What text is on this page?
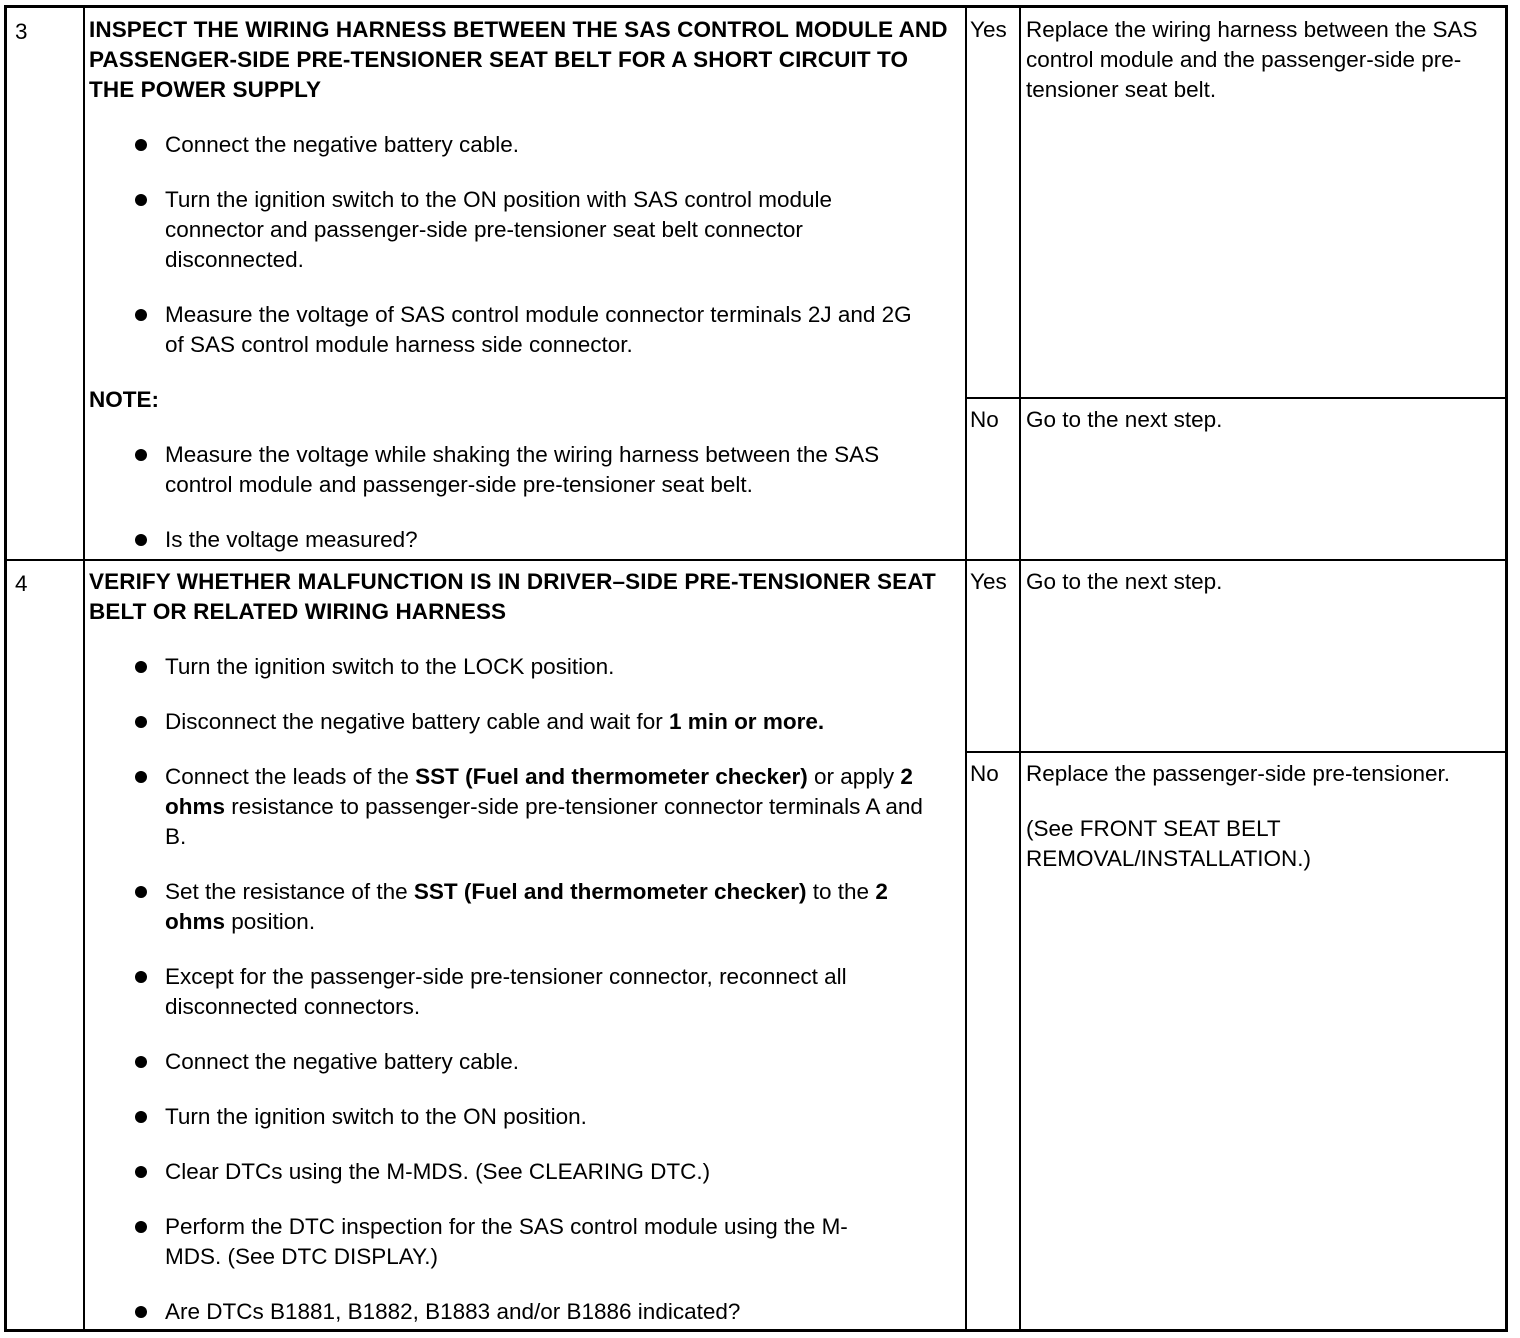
3	INSPECT THE WIRING HARNESS BETWEEN THE SAS CONTROL MODULE AND PASSENGER-SIDE PRE-TENSIONER SEAT BELT FOR A SHORT CIRCUIT TO THE POWER SUPPLY
Connect the negative battery cable.
Turn the ignition switch to the ON position with SAS control module connector and passenger-side pre-tensioner seat belt connector disconnected.
Measure the voltage of SAS control module connector terminals 2J and 2G of SAS control module harness side connector.
NOTE:
Measure the voltage while shaking the wiring harness between the SAS control module and passenger-side pre-tensioner seat belt.
Is the voltage measured?
Yes Replace the wiring harness between the SAS control module and the passenger-side pre-tensioner seat belt.
No Go to the next step.
4	VERIFY WHETHER MALFUNCTION IS IN DRIVER–SIDE PRE-TENSIONER SEAT BELT OR RELATED WIRING HARNESS
Turn the ignition switch to the LOCK position.
Disconnect the negative battery cable and wait for 1 min or more.
Connect the leads of the SST (Fuel and thermometer checker) or apply 2 ohms resistance to passenger-side pre-tensioner connector terminals A and B.
Set the resistance of the SST (Fuel and thermometer checker) to the 2 ohms position.
Except for the passenger-side pre-tensioner connector, reconnect all disconnected connectors.
Connect the negative battery cable.
Turn the ignition switch to the ON position.
Clear DTCs using the M-MDS. (See CLEARING DTC.)
Perform the DTC inspection for the SAS control module using the M-MDS. (See DTC DISPLAY.)
Are DTCs B1881, B1882, B1883 and/or B1886 indicated?
Yes Go to the next step.
No Replace the passenger-side pre-tensioner.
(See FRONT SEAT BELT REMOVAL/INSTALLATION.)
